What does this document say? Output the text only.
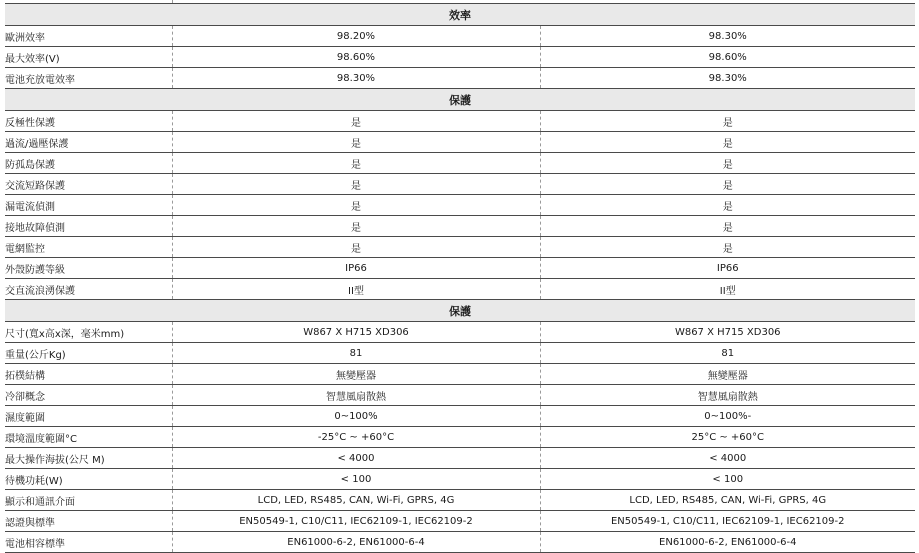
效率		
歐洲效率	98.20%	98.30%
最大效率(V)	98.60%	98.60%
電池充放電效率	98.30%	98.30%
保護		
反極性保護	是	是
過流/過壓保護	是	是
防孤島保護	是	是
交流短路保護	是	是
漏電流偵測	是	是
接地故障偵測	是	是
電網監控	是	是
外殼防護等級	IP66	IP66
交直流浪湧保護	II型	II型
保護		
尺寸(寬x高x深，毫米mm)	W867 X H715 XD306	W867 X H715 XD306
重量(公斤Kg)	81	81
拓樸結構	無變壓器	無變壓器
冷卻概念	智慧風扇散熱	智慧風扇散熱
濕度範圍	0~100%	0~100%-
環境溫度範圍°C	-25°C ~ +60°C	25°C ~ +60°C
最大操作海拔(公尺 M)	< 4000	< 4000
待機功耗(W)	< 100	< 100
顯示和通訊介面	LCD, LED, RS485, CAN, Wi-Fi, GPRS, 4G	LCD, LED, RS485, CAN, Wi-Fi, GPRS, 4G
認證與標準	EN50549-1, C10/C11, IEC62109-1, IEC62109-2	EN50549-1, C10/C11, IEC62109-1, IEC62109-2
電池相容標準	EN61000-6-2, EN61000-6-4	EN61000-6-2, EN61000-6-4
